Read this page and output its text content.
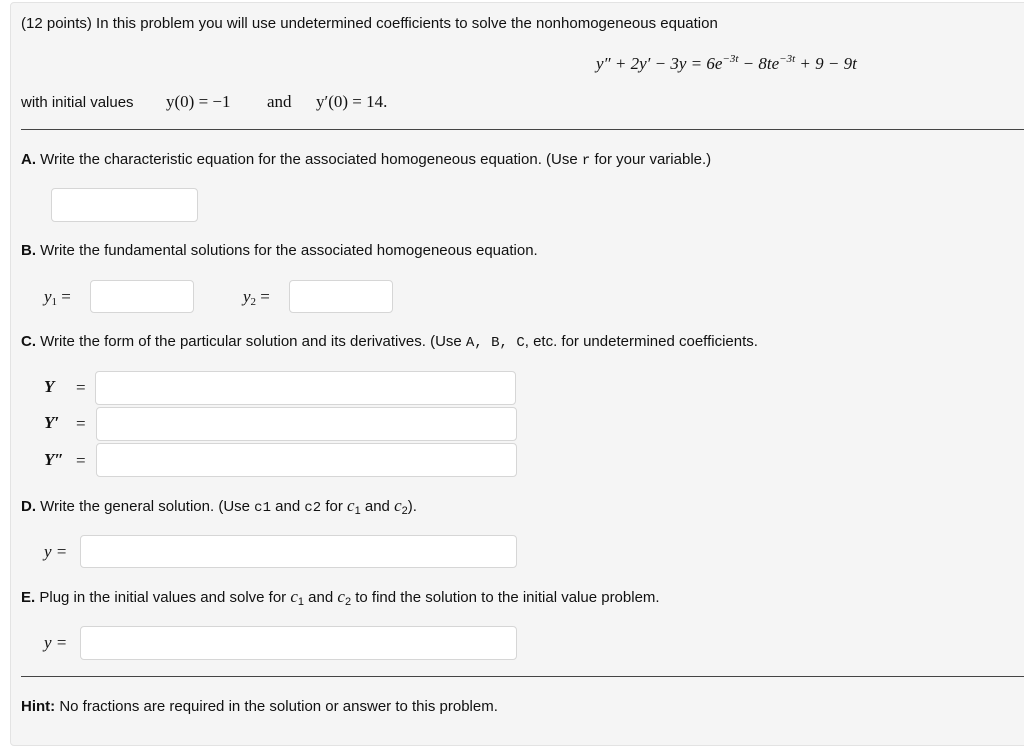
(12 points) In this problem you will use undetermined coefficients to solve the nonhomogeneous equation
$y'' + 2y' - 3y = 6e^{-3t} - 8te^{-3t} + 9 - 9t$
with initial values y(0) = −1 and y′(0) = 14.
A. Write the characteristic equation for the associated homogeneous equation. (Use r for your variable.)
B. Write the fundamental solutions for the associated homogeneous equation.
$y_1$ =	$y_2$ =
C. Write the form of the particular solution and its derivatives. (Use A, B, C, etc. for undetermined coefficients.
Y =
Y′ =
Y″ =
D. Write the general solution. (Use c1 and c2 for $c_1$ and $c_2$).
y =
E. Plug in the initial values and solve for $c_1$ and $c_2$ to find the solution to the initial value problem.
y =
Hint: No fractions are required in the solution or answer to this problem.
